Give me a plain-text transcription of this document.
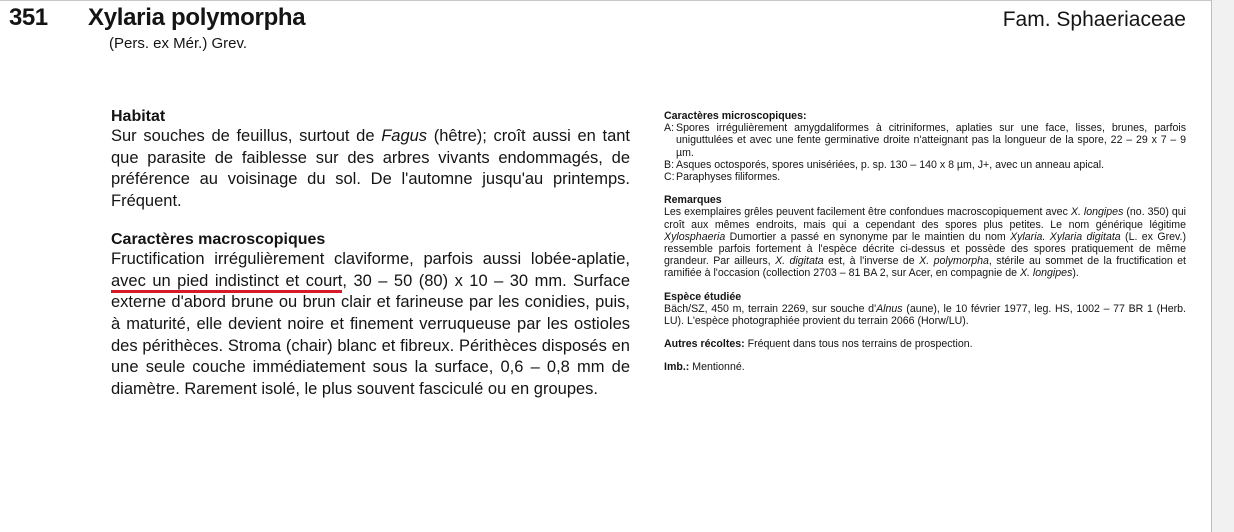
351 Xylaria polymorpha
(Pers. ex Mér.) Grev.
Fam. Sphaeriaceae
Habitat

Sur souches de feuillus, surtout de Fagus (hêtre); croît aussi en tant que parasite de faiblesse sur des arbres vivants endommagés, de préférence au voisinage du sol. De l'automne jusqu'au printemps. Fréquent.

Caractères macroscopiques

Fructification irrégulièrement claviforme, parfois aussi lobée-aplatie, avec un pied indistinct et court, 30 – 50 (80) x 10 – 30 mm. Surface externe d'abord brune ou brun clair et farineuse par les conidies, puis, à maturité, elle devient noire et finement verruqueuse par les ostioles des périthèces. Stroma (chair) blanc et fibreux. Périthèces disposés en une seule couche immédiatement sous la surface, 0,6 – 0,8 mm de diamètre. Rarement isolé, le plus souvent fasciculé ou en groupes.

Caractères microscopiques:
A: Spores irrégulièrement amygdaliformes à citriniformes, aplaties sur une face, lisses, brunes, parfois uniguttulées et avec une fente germinative droite n'atteignant pas la longueur de la spore, 22 – 29 x 7 – 9 µm.
B: Asques octosporés, spores unisériées, p. sp. 130 – 140 x 8 µm, J+, avec un anneau apical.
C: Paraphyses filiformes.
Remarques

Les exemplaires grêles peuvent facilement être confondues macroscopiquement avec X. longipes (no. 350) qui croît aux mêmes endroits, mais qui a cependant des spores plus petites. Le nom générique légitime Xylosphaeria Dumortier a passé en synonyme par le maintien du nom Xylaria. Xylaria digitata (L. ex Grev.) ressemble parfois fortement à l'espèce décrite ci-dessus et possède des spores pratiquement de même grandeur. Par ailleurs, X. digitata est, à l'inverse de X. polymorpha, stérile au sommet de la fructification et ramifiée à l'occasion (collection 2703 – 81 BA 2, sur Acer, en compagnie de X. longipes).

Espèce étudiée

Bäch/SZ, 450 m, terrain 2269, sur souche d'Alnus (aune), le 10 février 1977, leg. HS, 1002 – 77 BR 1 (Herb. LU). L'espèce photographiée provient du terrain 2066 (Horw/LU).

Autres récoltes: Fréquent dans tous nos terrains de prospection.

Imb.: Mentionné.
